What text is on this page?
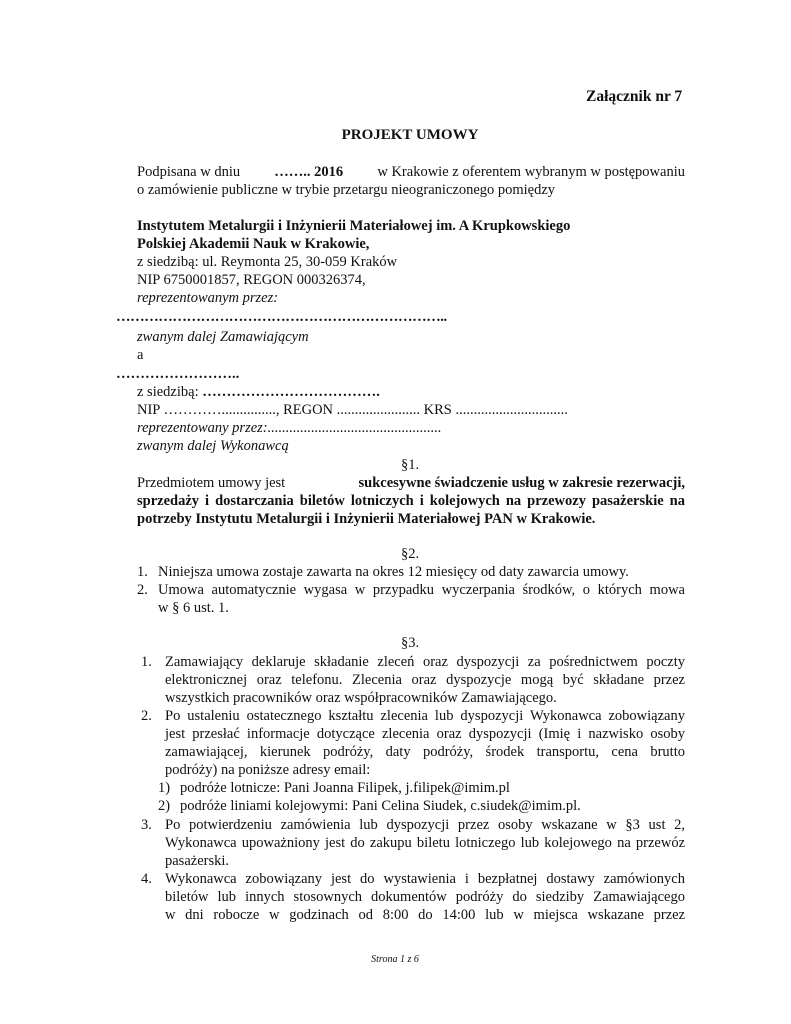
Załącznik nr 7
PROJEKT UMOWY
Podpisana w dniu …….. 2016 w Krakowie z oferentem wybranym w postępowaniu
o zamówienie publiczne w trybie przetargu nieograniczonego pomiędzy
Instytutem Metalurgii i Inżynierii Materiałowej im. A Krupkowskiego
Polskiej Akademii Nauk w Krakowie,
z siedzibą: ul. Reymonta 25, 30-059 Kraków
NIP 6750001857, REGON 000326374,
reprezentowanym przez:
……………………………………………………………..
zwanym dalej Zamawiającym
a
……………………..
z siedzibą: ……………………………….
NIP …………..............., REGON ....................... KRS ...............................
reprezentowany przez:................................................
zwanym dalej Wykonawcą
§1.
Przedmiotem umowy jest	sukcesywne świadczenie usług w zakresie rezerwacji,
sprzedaży i dostarczania biletów lotniczych i kolejowych na przewozy pasażerskie na
potrzeby Instytutu Metalurgii i Inżynierii Materiałowej PAN w Krakowie.
§2.
1. Niniejsza umowa zostaje zawarta na okres 12 miesięcy od daty zawarcia umowy.
2. Umowa automatycznie wygasa w przypadku wyczerpania środków, o których mowa
w § 6 ust. 1.
§3.
1. Zamawiający deklaruje składanie zleceń oraz dyspozycji za pośrednictwem poczty
elektronicznej oraz telefonu. Zlecenia oraz dyspozycje mogą być składane przez
wszystkich pracowników oraz współpracowników Zamawiającego.
2. Po ustaleniu ostatecznego kształtu zlecenia lub dyspozycji Wykonawca zobowiązany
jest przesłać informacje dotyczące zlecenia oraz dyspozycji (Imię i nazwisko osoby
zamawiającej, kierunek podróży, daty podróży, środek transportu, cena brutto
podróży) na poniższe adresy email:
1) podróże lotnicze: Pani Joanna Filipek, j.filipek@imim.pl
2) podróże liniami kolejowymi: Pani Celina Siudek, c.siudek@imim.pl.
3. Po potwierdzeniu zamówienia lub dyspozycji przez osoby wskazane w §3 ust 2,
Wykonawca upoważniony jest do zakupu biletu lotniczego lub kolejowego na przewóz
pasażerski.
4. Wykonawca zobowiązany jest do wystawienia i bezpłatnej dostawy zamówionych
biletów lub innych stosownych dokumentów podróży do siedziby Zamawiającego
w dni robocze w godzinach od 8:00 do 14:00 lub w miejsca wskazane przez
Strona 1 z 6
